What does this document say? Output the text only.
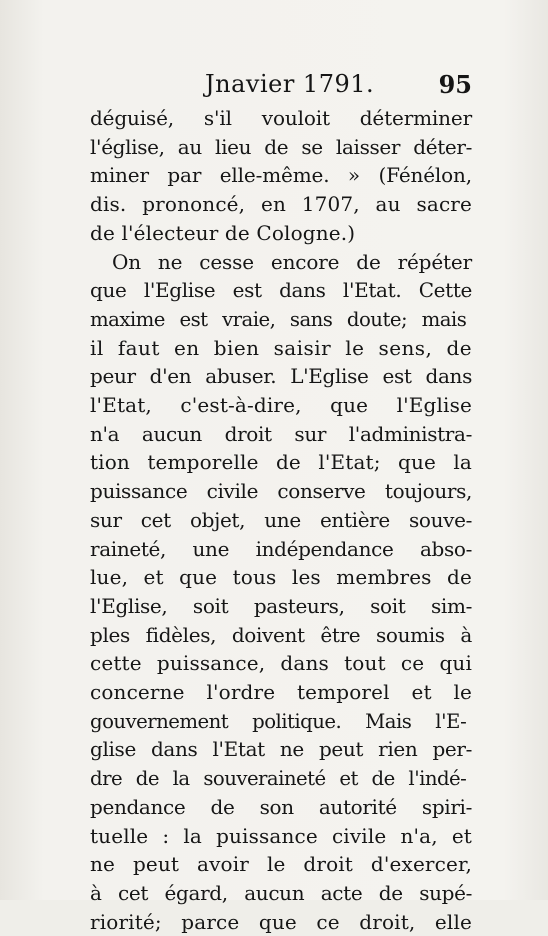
Jnavier 1791.	95
déguisé, s'il vouloit déterminer
l'église, au lieu de se laisser déter-
miner par elle-même. » (Fénélon,
dis. prononcé, en 1707, au sacre
de l'électeur de Cologne.)
On ne cesse encore de répéter
que l'Eglise est dans l'Etat. Cette
maxime est vraie, sans doute; mais
il faut en bien saisir le sens, de
peur d'en abuser. L'Eglise est dans
l'Etat, c'est-à-dire, que l'Eglise
n'a aucun droit sur l'administra-
tion temporelle de l'Etat; que la
puissance civile conserve toujours,
sur cet objet, une entière souve-
raineté, une indépendance abso-
lue, et que tous les membres de
l'Eglise, soit pasteurs, soit sim-
ples fidèles, doivent être soumis à
cette puissance, dans tout ce qui
concerne l'ordre temporel et le
gouvernement politique. Mais l'E-
glise dans l'Etat ne peut rien per-
dre de la souveraineté et de l'indé-
pendance de son autorité spiri-
tuelle : la puissance civile n'a, et
ne peut avoir le droit d'exercer,
à cet égard, aucun acte de supé-
riorité; parce que ce droit, elle
